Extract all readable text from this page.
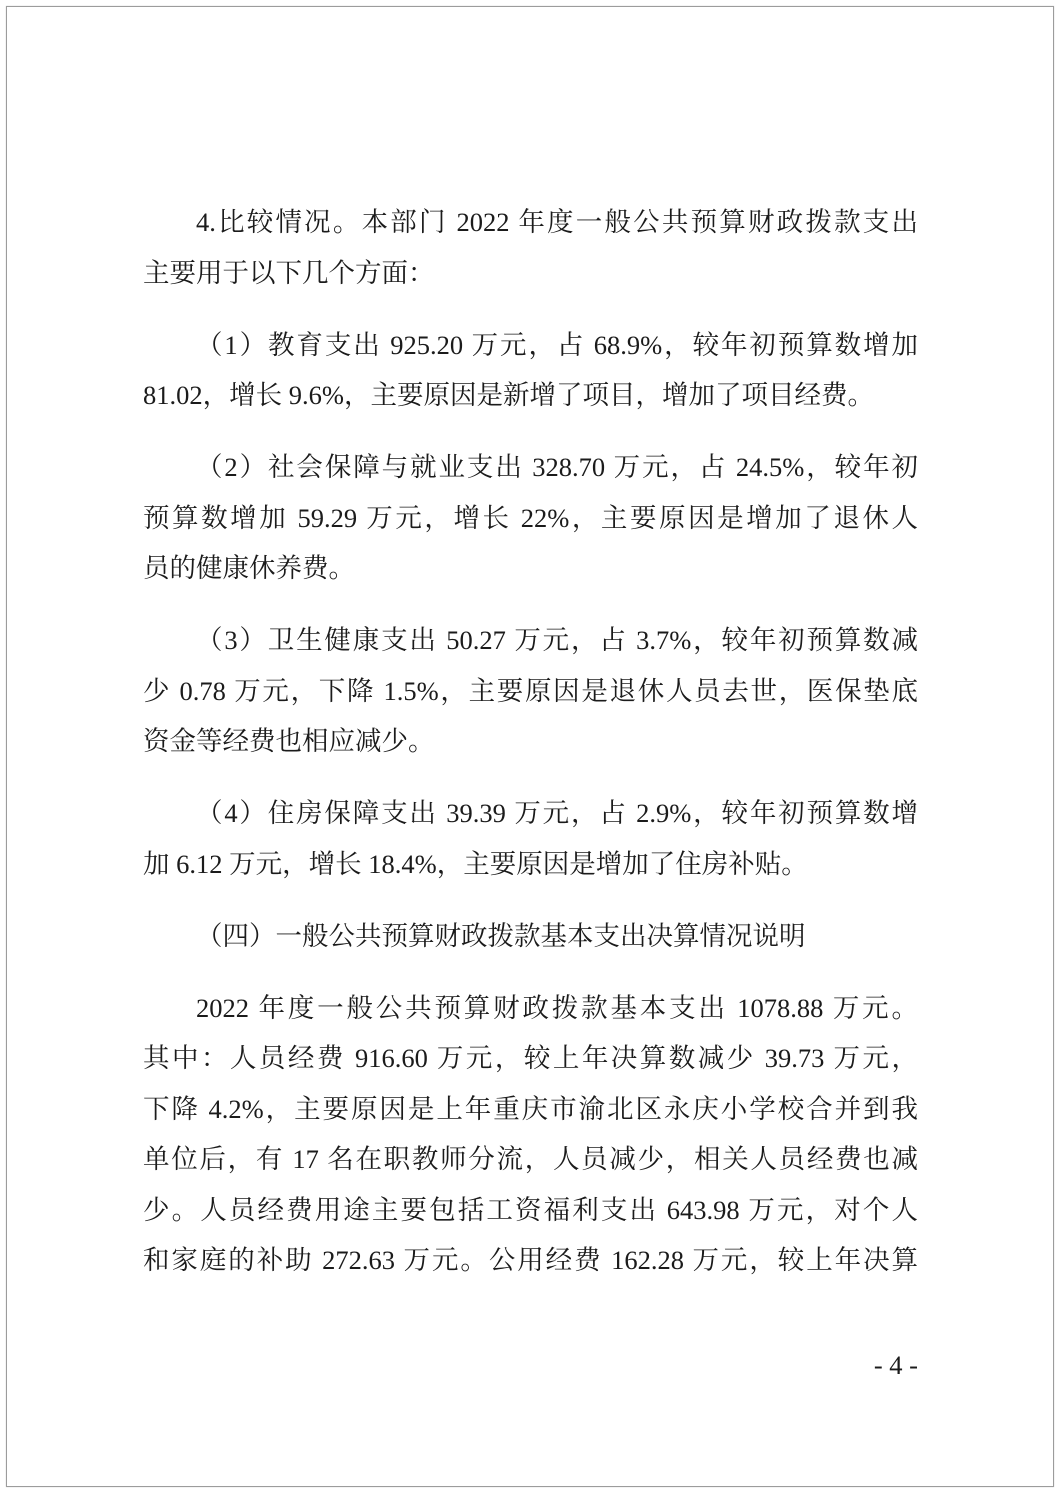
4.比较情况。本部门 2022 年度一般公共预算财政拨款支出
主要用于以下几个方面：
（1）教育支出 925.20 万元，占 68.9%，较年初预算数增加
81.02，增长 9.6%，主要原因是新增了项目，增加了项目经费。
（2）社会保障与就业支出 328.70 万元，占 24.5%，较年初
预算数增加 59.29 万元，增长 22%，主要原因是增加了退休人
员的健康休养费。
（3）卫生健康支出 50.27 万元，占 3.7%，较年初预算数减
少 0.78 万元，下降 1.5%，主要原因是退休人员去世，医保垫底
资金等经费也相应减少。
（4）住房保障支出 39.39 万元，占 2.9%，较年初预算数增
加 6.12 万元，增长 18.4%，主要原因是增加了住房补贴。
（四）一般公共预算财政拨款基本支出决算情况说明
2022 年度一般公共预算财政拨款基本支出 1078.88 万元。
其中：人员经费 916.60 万元，较上年决算数减少 39.73 万元，
下降 4.2%，主要原因是上年重庆市渝北区永庆小学校合并到我
单位后，有 17 名在职教师分流，人员减少，相关人员经费也减
少。人员经费用途主要包括工资福利支出 643.98 万元，对个人
和家庭的补助 272.63 万元。公用经费 162.28 万元，较上年决算
- 4 -
